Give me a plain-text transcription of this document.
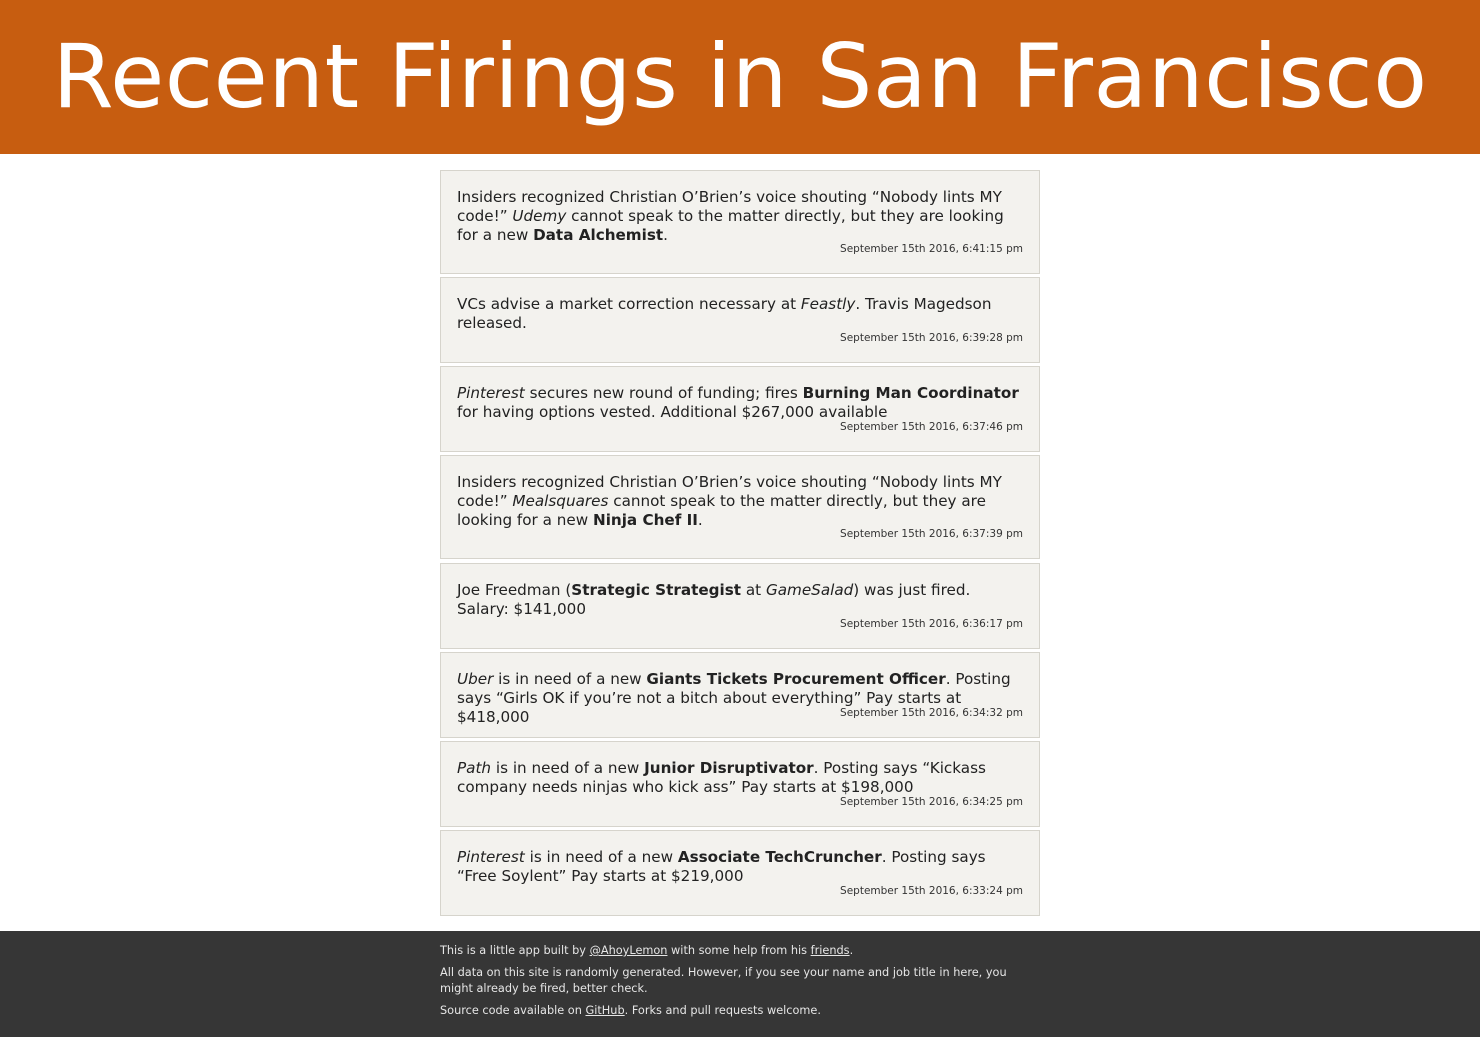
Recent Firings in San Francisco
Insiders recognized Christian O’Brien’s voice shouting “Nobody lints MY code!” Udemy cannot speak to the matter directly, but they are looking for a new Data Alchemist.
September 15th 2016, 6:41:15 pm
VCs advise a market correction necessary at Feastly. Travis Magedson released.
September 15th 2016, 6:39:28 pm
Pinterest secures new round of funding; fires Burning Man Coordinator for having options vested. Additional $267,000 available
September 15th 2016, 6:37:46 pm
Insiders recognized Christian O’Brien’s voice shouting “Nobody lints MY code!” Mealsquares cannot speak to the matter directly, but they are looking for a new Ninja Chef II.
September 15th 2016, 6:37:39 pm
Joe Freedman (Strategic Strategist at GameSalad) was just fired. Salary: $141,000
September 15th 2016, 6:36:17 pm
Uber is in need of a new Giants Tickets Procurement Officer. Posting says “Girls OK if you’re not a bitch about everything” Pay starts at $418,000	September 15th 2016, 6:34:32 pm
Path is in need of a new Junior Disruptivator. Posting says “Kickass company needs ninjas who kick ass” Pay starts at $198,000
September 15th 2016, 6:34:25 pm
Pinterest is in need of a new Associate TechCruncher. Posting says “Free Soylent” Pay starts at $219,000
September 15th 2016, 6:33:24 pm

This is a little app built by @AhoyLemon with some help from his friends.

All data on this site is randomly generated. However, if you see your name and job title in here, you might already be fired, better check.

Source code available on GitHub. Forks and pull requests welcome.
